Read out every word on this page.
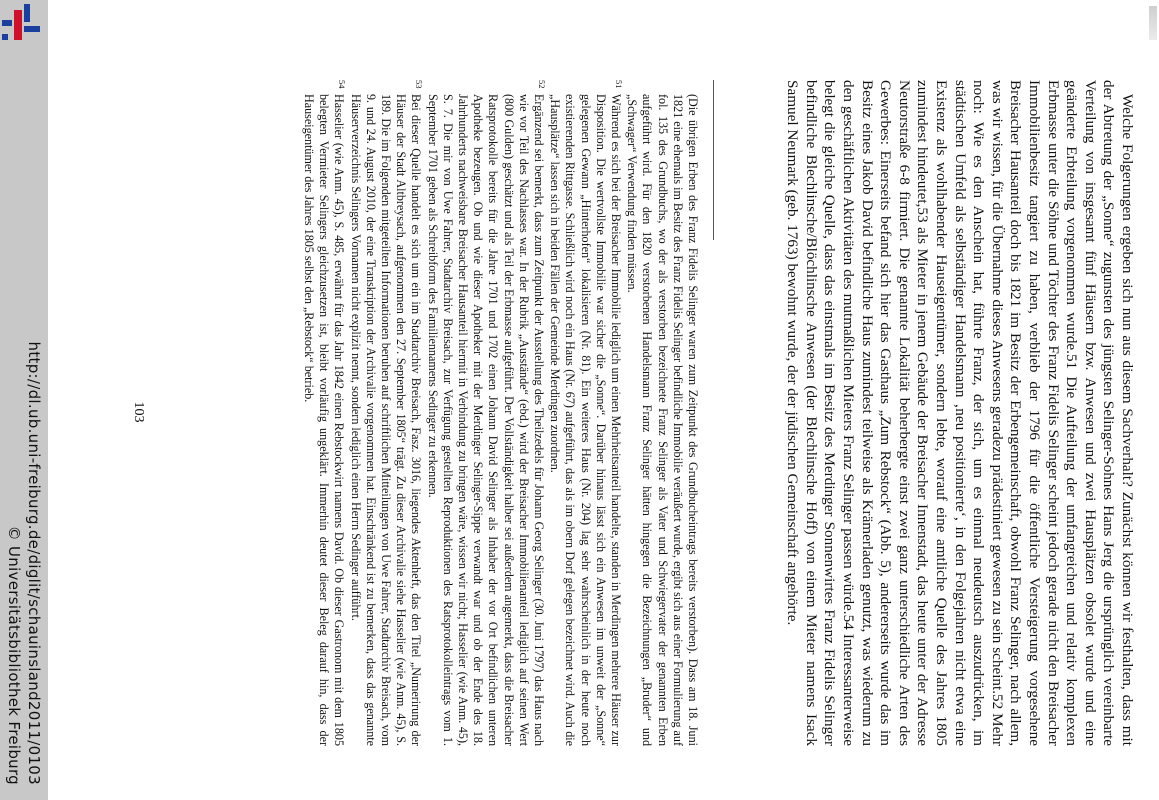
http://dl.ub.uni-freiburg.de/diglit/schauinsland2011/0103
© Universitätsbibliothek Freiburg	Welche Folgerungen ergeben sich nun aus diesem Sachverhalt? Zunächst können wir festhalten, dass mit der Abtretung der „Sonne“ zugunsten des jüngsten Selinger-Sohnes Hans Jerg die ursprünglich vereinbarte Verteilung von insgesamt fünf Häusern bzw. Anwesen und zwei Hausplätzen obsolet wurde und eine geänderte Erbteilung vorgenommen wurde.51 Die Aufteilung der umfangreichen und relativ komplexen Erbmasse unter die Söhne und Töchter des Franz Fidelis Selinger scheint jedoch gerade nicht den Breisacher Immobilienbesitz tangiert zu haben, verblieb der 1796 für die öffentliche Versteigerung vorgesehene Breisacher Hausanteil doch bis 1821 im Besitz der Erbengemeinschaft, obwohl Franz Selinger, nach allem, was wir wissen, für die Übernahme dieses Anwesens geradezu prädestiniert gewesen zu sein scheint.52 Mehr noch: Wie es den Anschein hat, führte Franz, der sich, um es einmal neudeutsch auszudrücken, im städtischen Umfeld als selbständiger Handelsmann ‚neu positionierte‘, in den Folgejahren nicht etwa eine Existenz als wohlhabender Hauseigentümer, sondern lebte, worauf eine amtliche Quelle des Jahres 1805 zumindest hindeutet,53 als Mieter in jenem Gebäude der Breisacher Innenstadt, das heute unter der Adresse Neutorstraße 6-8 firmiert. Die genannte Lokalität beherbergte einst zwei ganz unterschiedliche Arten des Gewerbes: Einerseits befand sich hier das Gasthaus „Zum Rebstock“ (Abb. 5), andererseits wurde das im Besitz eines Jakob David befindliche Haus zumindest teilweise als Krämerladen genutzt, was wiederum zu den geschäftlichen Aktivitäten des mutmaßlichen Mieters Franz Selinger passen würde.54 Interessanterweise belegt die gleiche Quelle, dass das einstmals im Besitz des Merdinger Sonnenwirtes Franz Fidelis Selinger befindliche Blechlinsche/Blöchlinsche Anwesen (der Blechlinsche Hoff) von einem Mieter namens Isack Samuel Neumark (geb. 1763) bewohnt wurde, der der jüdischen Gemeinschaft angehörte.
(Die übrigen Erben des Franz Fidelis Selinger waren zum Zeitpunkt des Grundbucheintrags bereits verstorben). Dass am 18. Juni 1821 eine ehemals im Besitz des Franz Fidelis Selinger befindliche Immobilie veräußert wurde, ergibt sich aus einer Formulierung auf fol. 135 des Grundbuchs, wo der als verstorben bezeichnete Franz Selinger als Vater und Schwiegervater der genannten Erben aufgeführt wird. Für den 1820 verstorbenen Handelsmann Franz Selinger hätten hingegen die Bezeichnungen „Bruder“ und „Schwager“ Verwendung finden müssen.
51
Während es sich bei der Breisacher Immobilie lediglich um einen Mehrheitsanteil handelte, standen in Merdingen mehrere Häuser zur Disposition. Die wertvollste Immobilie war sicher die „Sonne“. Darüber hinaus lässt sich ein Anwesen im unweit der „Sonne“ gelegenen Gewann „Hinterhofen“ lokalisieren (Nr. 81). Ein weiteres Haus (Nr. 204) lag sehr wahrscheinlich in der heute noch existierenden Rittgasse. Schließlich wird noch ein Haus (Nr. 67) aufgeführt, das als im obern Dorf gelegen bezeichnet wird. Auch die „Hausplätze“ lassen sich in beiden Fällen der Gemeinde Merdingen zuordnen.
52
Ergänzend sei bemerkt, dass zum Zeitpunkt der Ausstellung des Theilzedels für Johann Georg Selinger (30. Juni 1797) das Haus nach wie vor Teil des Nachlasses war. In der Rubrik „Ausstände“ (ebd.) wird der Breisacher Immobilienanteil lediglich auf seinen Wert (800 Gulden) geschätzt und als Teil der Erbmasse aufgeführt. Der Vollständigkeit halber sei außerdem angemerkt, dass die Breisacher Ratsprotokolle bereits für die Jahre 1701 und 1702 einen Johann David Selinger als Inhaber der vor Ort befindlichen unteren Apotheke bezeugen. Ob und wie dieser Apotheker mit der Merdinger Selinger-Sippe verwandt war und ob der Ende des 18. Jahrhunderts nachweisbare Breisacher Hausanteil hiermit in Verbindung zu bringen wäre, wissen wir nicht; Hasselier (wie Anm. 45), S. 7. Die mir von Uwe Fahrer, Stadtarchiv Breisach, zur Verfügung gestellten Reproduktionen des Ratsprotokolleintrags vom 1. September 1701 geben als Schreibform des Familiennamens Sedinger zu erkennen.
53
Bei dieser Quelle handelt es sich um ein im Stadtarchiv Breisach, Fasz. 3016, liegendes Aktenheft, das den Titel „Numerirung der Häuser der Stadt Altbreysach, aufgenommen den 27. September 1805“ trägt. Zu dieser Archivalie siehe Hasselier (wie Anm. 45), S. 189. Die im Folgenden mitgeteilten Informationen beruhen auf schriftlichen Mitteilungen von Uwe Fahrer, Stadtarchiv Breisach, vom 9. und 24. August 2010, der eine Transkription der Archivalie vorgenommen hat. Einschränkend ist zu bemerken, dass das genannte Häuserverzeichnis Selingers Vornamen nicht explizit nennt, sondern lediglich einen Herrn Sedinger aufführt.
54
Hasselier (wie Anm. 45), S. 485, erwähnt für das Jahr 1842 einen Rebstockwirt namens David. Ob dieser Gastronom mit dem 1805 belegten Vermieter Selingers gleichzusetzen ist, bleibt vorläufig ungeklärt. Immerhin deutet dieser Beleg darauf hin, dass der Hauseigentümer des Jahres 1805 selbst den „Rebstock“ betrieb.
103
